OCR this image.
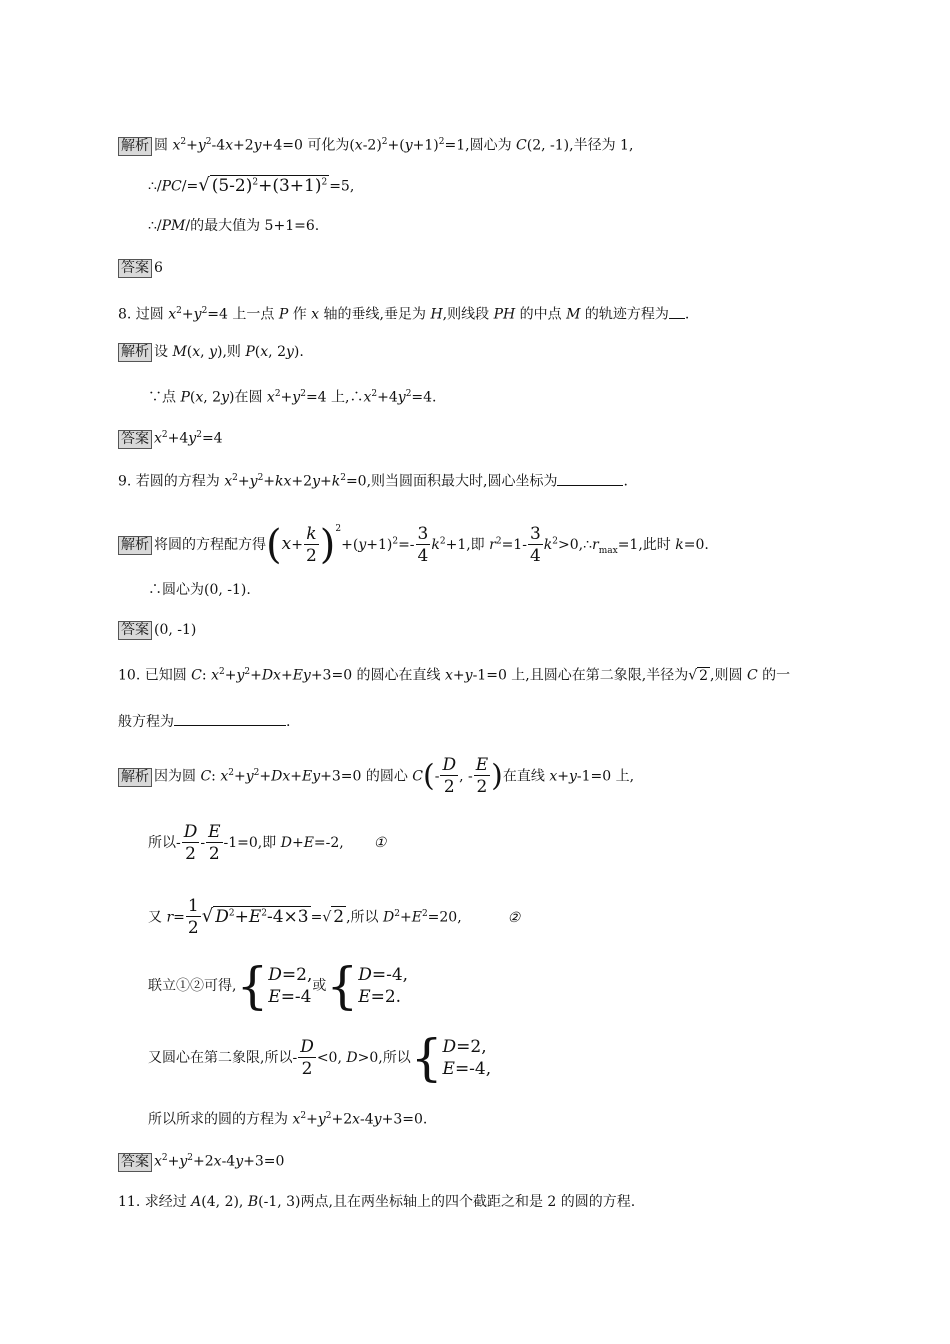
解析 圆 $x^2+y^2-4x+2y+4=0$ 可化为$(x-2)^2+(y+1)^2=1$,圆心为 C(2, -1),半径为 1,
∴/PC/=√ $(5-2)^2+(3+1)^2 =5$,
∴/PM/的最大值为 5+1=6.
答案 6
8. 过圆 $x^2+y^2=4$ 上一点 P 作 x 轴的垂线,垂足为 H,则线段 PH 的中点 M 的轨迹方程为 .
解析 设 M(x, y),则 P(x, 2y).
∵点 P(x, 2y)在圆 $x^2+y^2=4$ 上$,\therefore x^2+4y^2=4$.
答案 $x^2+4y^2=4$
9. 若圆的方程为 $x^2+y^2+kx+2y+k^2=0$,则当圆面积最大时,圆心坐标为	.
解析 将圆的方程配方得$(x+ \frac{k}{2} )^2+(y+1)^2=- \frac{3}{4} k^2+1$,即 $r^2=1- \frac{3}{4}$ $k^2>0,\therefore r_{max}=1$,此时 k=0.
∴圆心为(0, -1).
答案 (0, -1)
10. 已知圆 C: $x^2+y^2+Dx+Ey+3=0$ 的圆心在直线 x+y-1=0 上,且圆心在第二象限,半径为√ 2 ,则圆 C 的一
般方程为	.
解析 因为圆 C: $x^2+y^2+Dx+Ey+3=0$ 的圆心 $C(- \frac{D}{2}$ , - $\frac{E}{2}$ )在直线 x+y-1=0 上,
所以- $\frac{D}{2} - \frac{E}{2} -1=0$,即 D+E=-2, ①
又 $r= \frac{1}{2}$ √ $D^2+E^2-4\times 3$ =√ 2 ,所以 $D^2+E^2=20$,	②
联立①②可得,{ D=2,
E=-4
或{ D=-4,
E=2.
又圆心在第二象限,所以- $\frac{D}{2} <0$, D>0,所以{ D=2,
E=-4,
所以所求的圆的方程为 $x^2+y^2+2x-4y+3=0$.
答案 $x^2+y^2+2x-4y+3=0$
11. 求经过 A(4, 2), B(-1, 3)两点,且在两坐标轴上的四个截距之和是 2 的圆的方程.
